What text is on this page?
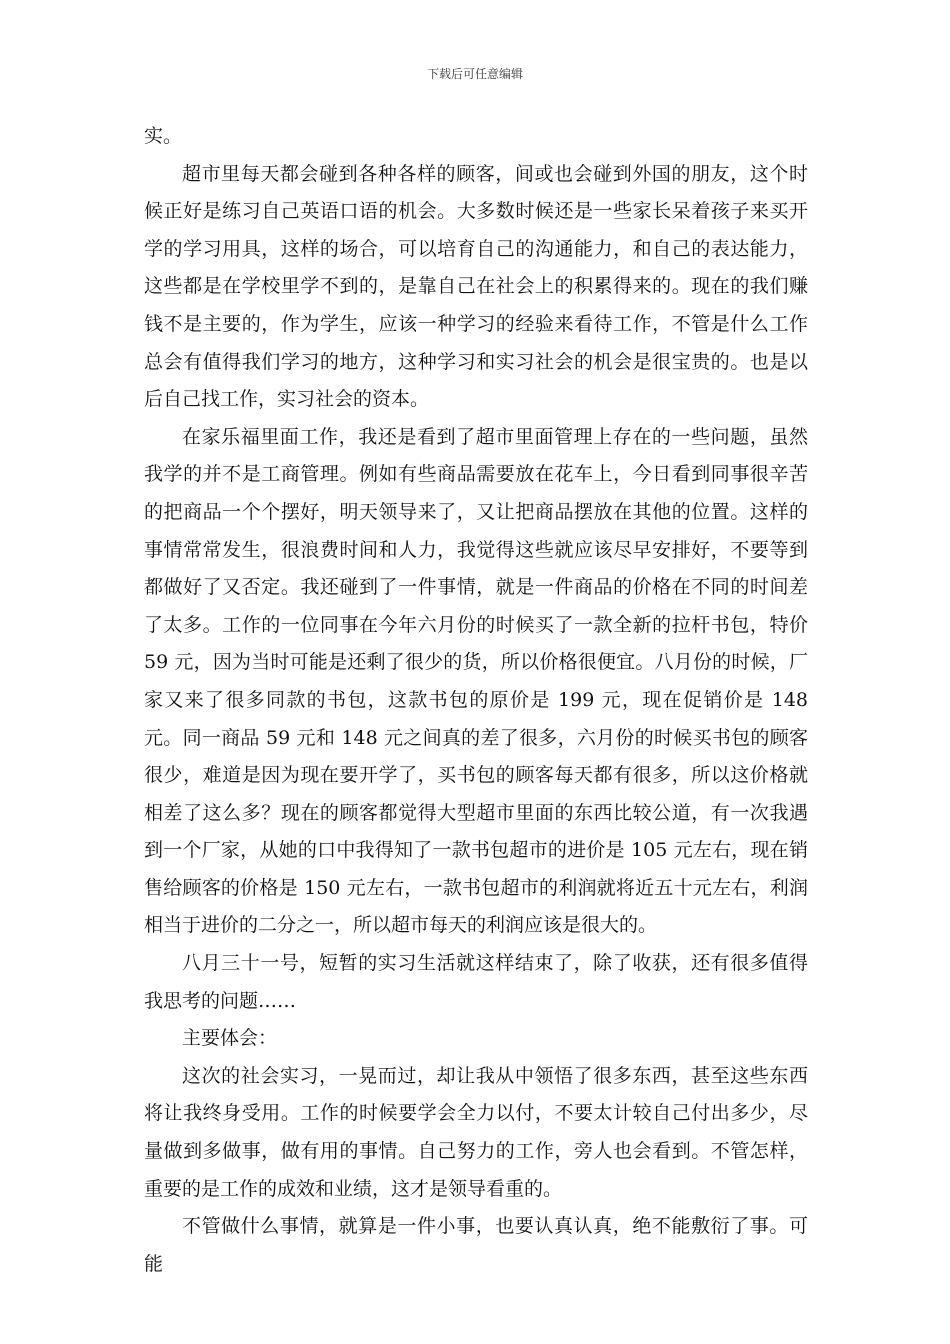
下载后可任意编辑

实。

超市里每天都会碰到各种各样的顾客，间或也会碰到外国的朋友，这个时候正好是练习自己英语口语的机会。大多数时候还是一些家长呆着孩子来买开学的学习用具，这样的场合，可以培育自己的沟通能力，和自己的表达能力，这些都是在学校里学不到的，是靠自己在社会上的积累得来的。现在的我们赚钱不是主要的，作为学生，应该一种学习的经验来看待工作，不管是什么工作总会有值得我们学习的地方，这种学习和实习社会的机会是很宝贵的。也是以后自己找工作，实习社会的资本。

在家乐福里面工作，我还是看到了超市里面管理上存在的一些问题，虽然我学的并不是工商管理。例如有些商品需要放在花车上，今日看到同事很辛苦的把商品一个个摆好，明天领导来了，又让把商品摆放在其他的位置。这样的事情常常发生，很浪费时间和人力，我觉得这些就应该尽早安排好，不要等到都做好了又否定。我还碰到了一件事情，就是一件商品的价格在不同的时间差了太多。工作的一位同事在今年六月份的时候买了一款全新的拉杆书包，特价 59 元，因为当时可能是还剩了很少的货，所以价格很便宜。八月份的时候，厂家又来了很多同款的书包，这款书包的原价是 199 元，现在促销价是 148 元。同一商品 59 元和 148 元之间真的差了很多，六月份的时候买书包的顾客很少，难道是因为现在要开学了，买书包的顾客每天都有很多，所以这价格就相差了这么多？现在的顾客都觉得大型超市里面的东西比较公道，有一次我遇到一个厂家，从她的口中我得知了一款书包超市的进价是 105 元左右，现在销售给顾客的价格是 150 元左右，一款书包超市的利润就将近五十元左右，利润相当于进价的二分之一，所以超市每天的利润应该是很大的。

八月三十一号，短暂的实习生活就这样结束了，除了收获，还有很多值得我思考的问题……

主要体会：

这次的社会实习，一晃而过，却让我从中领悟了很多东西，甚至这些东西将让我终身受用。工作的时候要学会全力以付，不要太计较自己付出多少，尽量做到多做事，做有用的事情。自己努力的工作，旁人也会看到。不管怎样，重要的是工作的成效和业绩，这才是领导看重的。

不管做什么事情，就算是一件小事，也要认真认真，绝不能敷衍了事。可能
